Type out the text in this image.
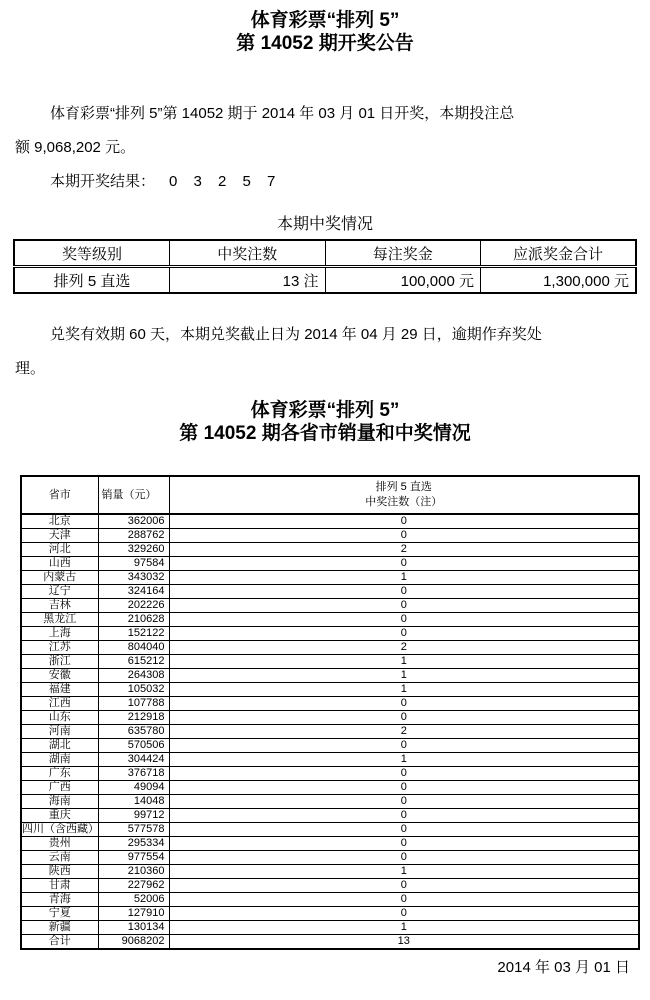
体育彩票“排列 5”
第 14052 期开奖公告
体育彩票“排列 5”第 14052 期于 2014 年 03 月 01 日开奖，本期投注总
额 9,068,202 元。
本期开奖结果： 0 3 2 5 7
本期中奖情况
奖等级别	中奖注数	每注奖金	应派奖金合计
排列 5 直选	13 注	100,000 元	1,300,000 元
兑奖有效期 60 天，本期兑奖截止日为 2014 年 04 月 29 日，逾期作弃奖处
理。
体育彩票“排列 5”
第 14052 期各省市销量和中奖情况
省市	销量（元）	排列 5 直选
中奖注数（注）

北京	362006	0
天津	288762	0
河北	329260	2
山西	97584	0
内蒙古	343032	1
辽宁	324164	0
吉林	202226	0
黑龙江	210628	0
上海	152122	0
江苏	804040	2
浙江	615212	1
安徽	264308	1
福建	105032	1
江西	107788	0
山东	212918	0
河南	635780	2
湖北	570506	0
湖南	304424	1
广东	376718	0
广西	49094	0
海南	14048	0
重庆	99712	0
四川（含西藏）	577578	0
贵州	295334	0
云南	977554	0
陕西	210360	1
甘肃	227962	0
青海	52006	0
宁夏	127910	0
新疆	130134	1
合计	9068202	13
2014 年 03 月 01 日
